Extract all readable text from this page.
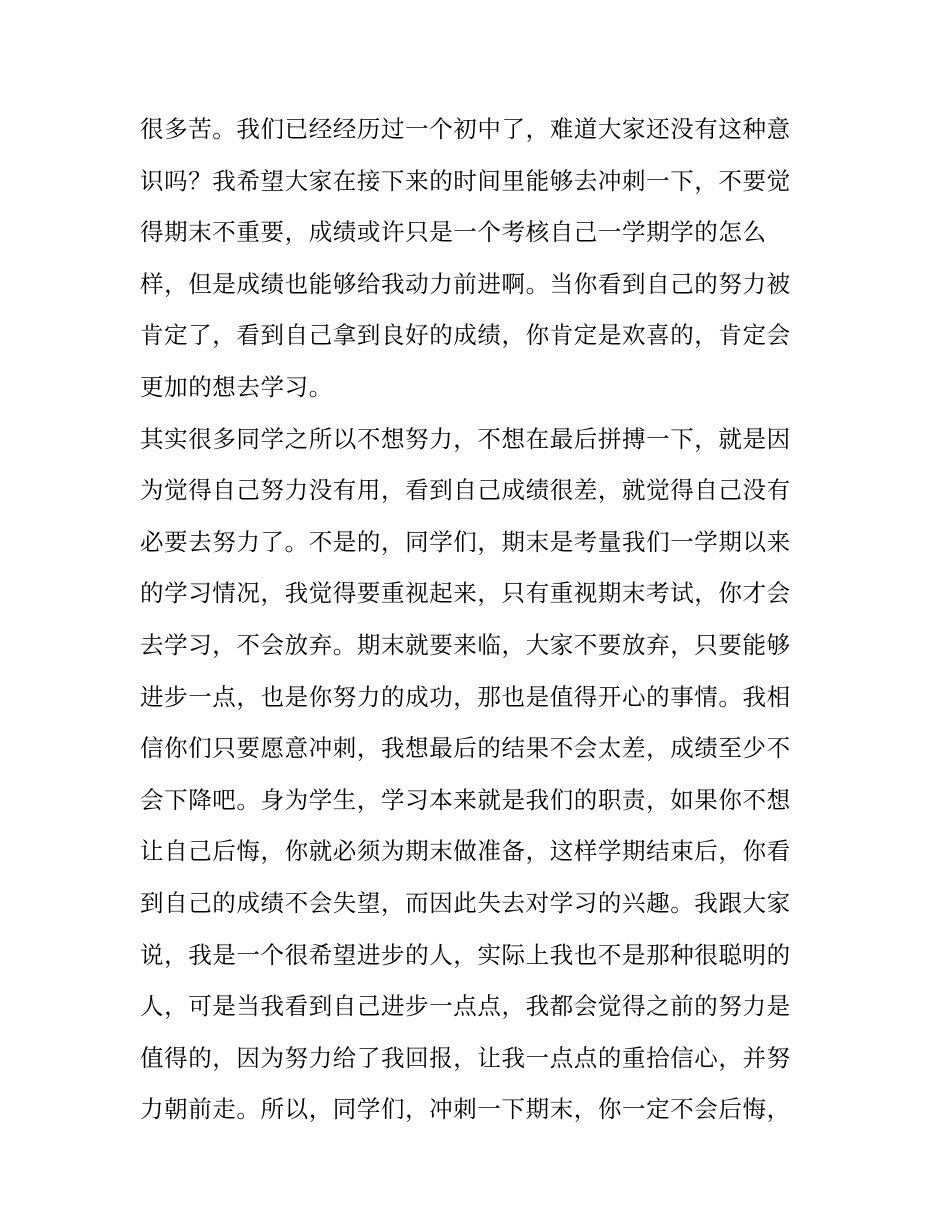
很多苦。我们已经经历过一个初中了，难道大家还没有这种意
识吗？我希望大家在接下来的时间里能够去冲刺一下，不要觉
得期末不重要，成绩或许只是一个考核自己一学期学的怎么
样，但是成绩也能够给我动力前进啊。当你看到自己的努力被
肯定了，看到自己拿到良好的成绩，你肯定是欢喜的，肯定会
更加的想去学习。
其实很多同学之所以不想努力，不想在最后拼搏一下，就是因
为觉得自己努力没有用，看到自己成绩很差，就觉得自己没有
必要去努力了。不是的，同学们，期末是考量我们一学期以来
的学习情况，我觉得要重视起来，只有重视期末考试，你才会
去学习，不会放弃。期末就要来临，大家不要放弃，只要能够
进步一点，也是你努力的成功，那也是值得开心的事情。我相
信你们只要愿意冲刺，我想最后的结果不会太差，成绩至少不
会下降吧。身为学生，学习本来就是我们的职责，如果你不想
让自己后悔，你就必须为期末做准备，这样学期结束后，你看
到自己的成绩不会失望，而因此失去对学习的兴趣。我跟大家
说，我是一个很希望进步的人，实际上我也不是那种很聪明的
人，可是当我看到自己进步一点点，我都会觉得之前的努力是
值得的，因为努力给了我回报，让我一点点的重拾信心，并努
力朝前走。所以，同学们，冲刺一下期末，你一定不会后悔，
